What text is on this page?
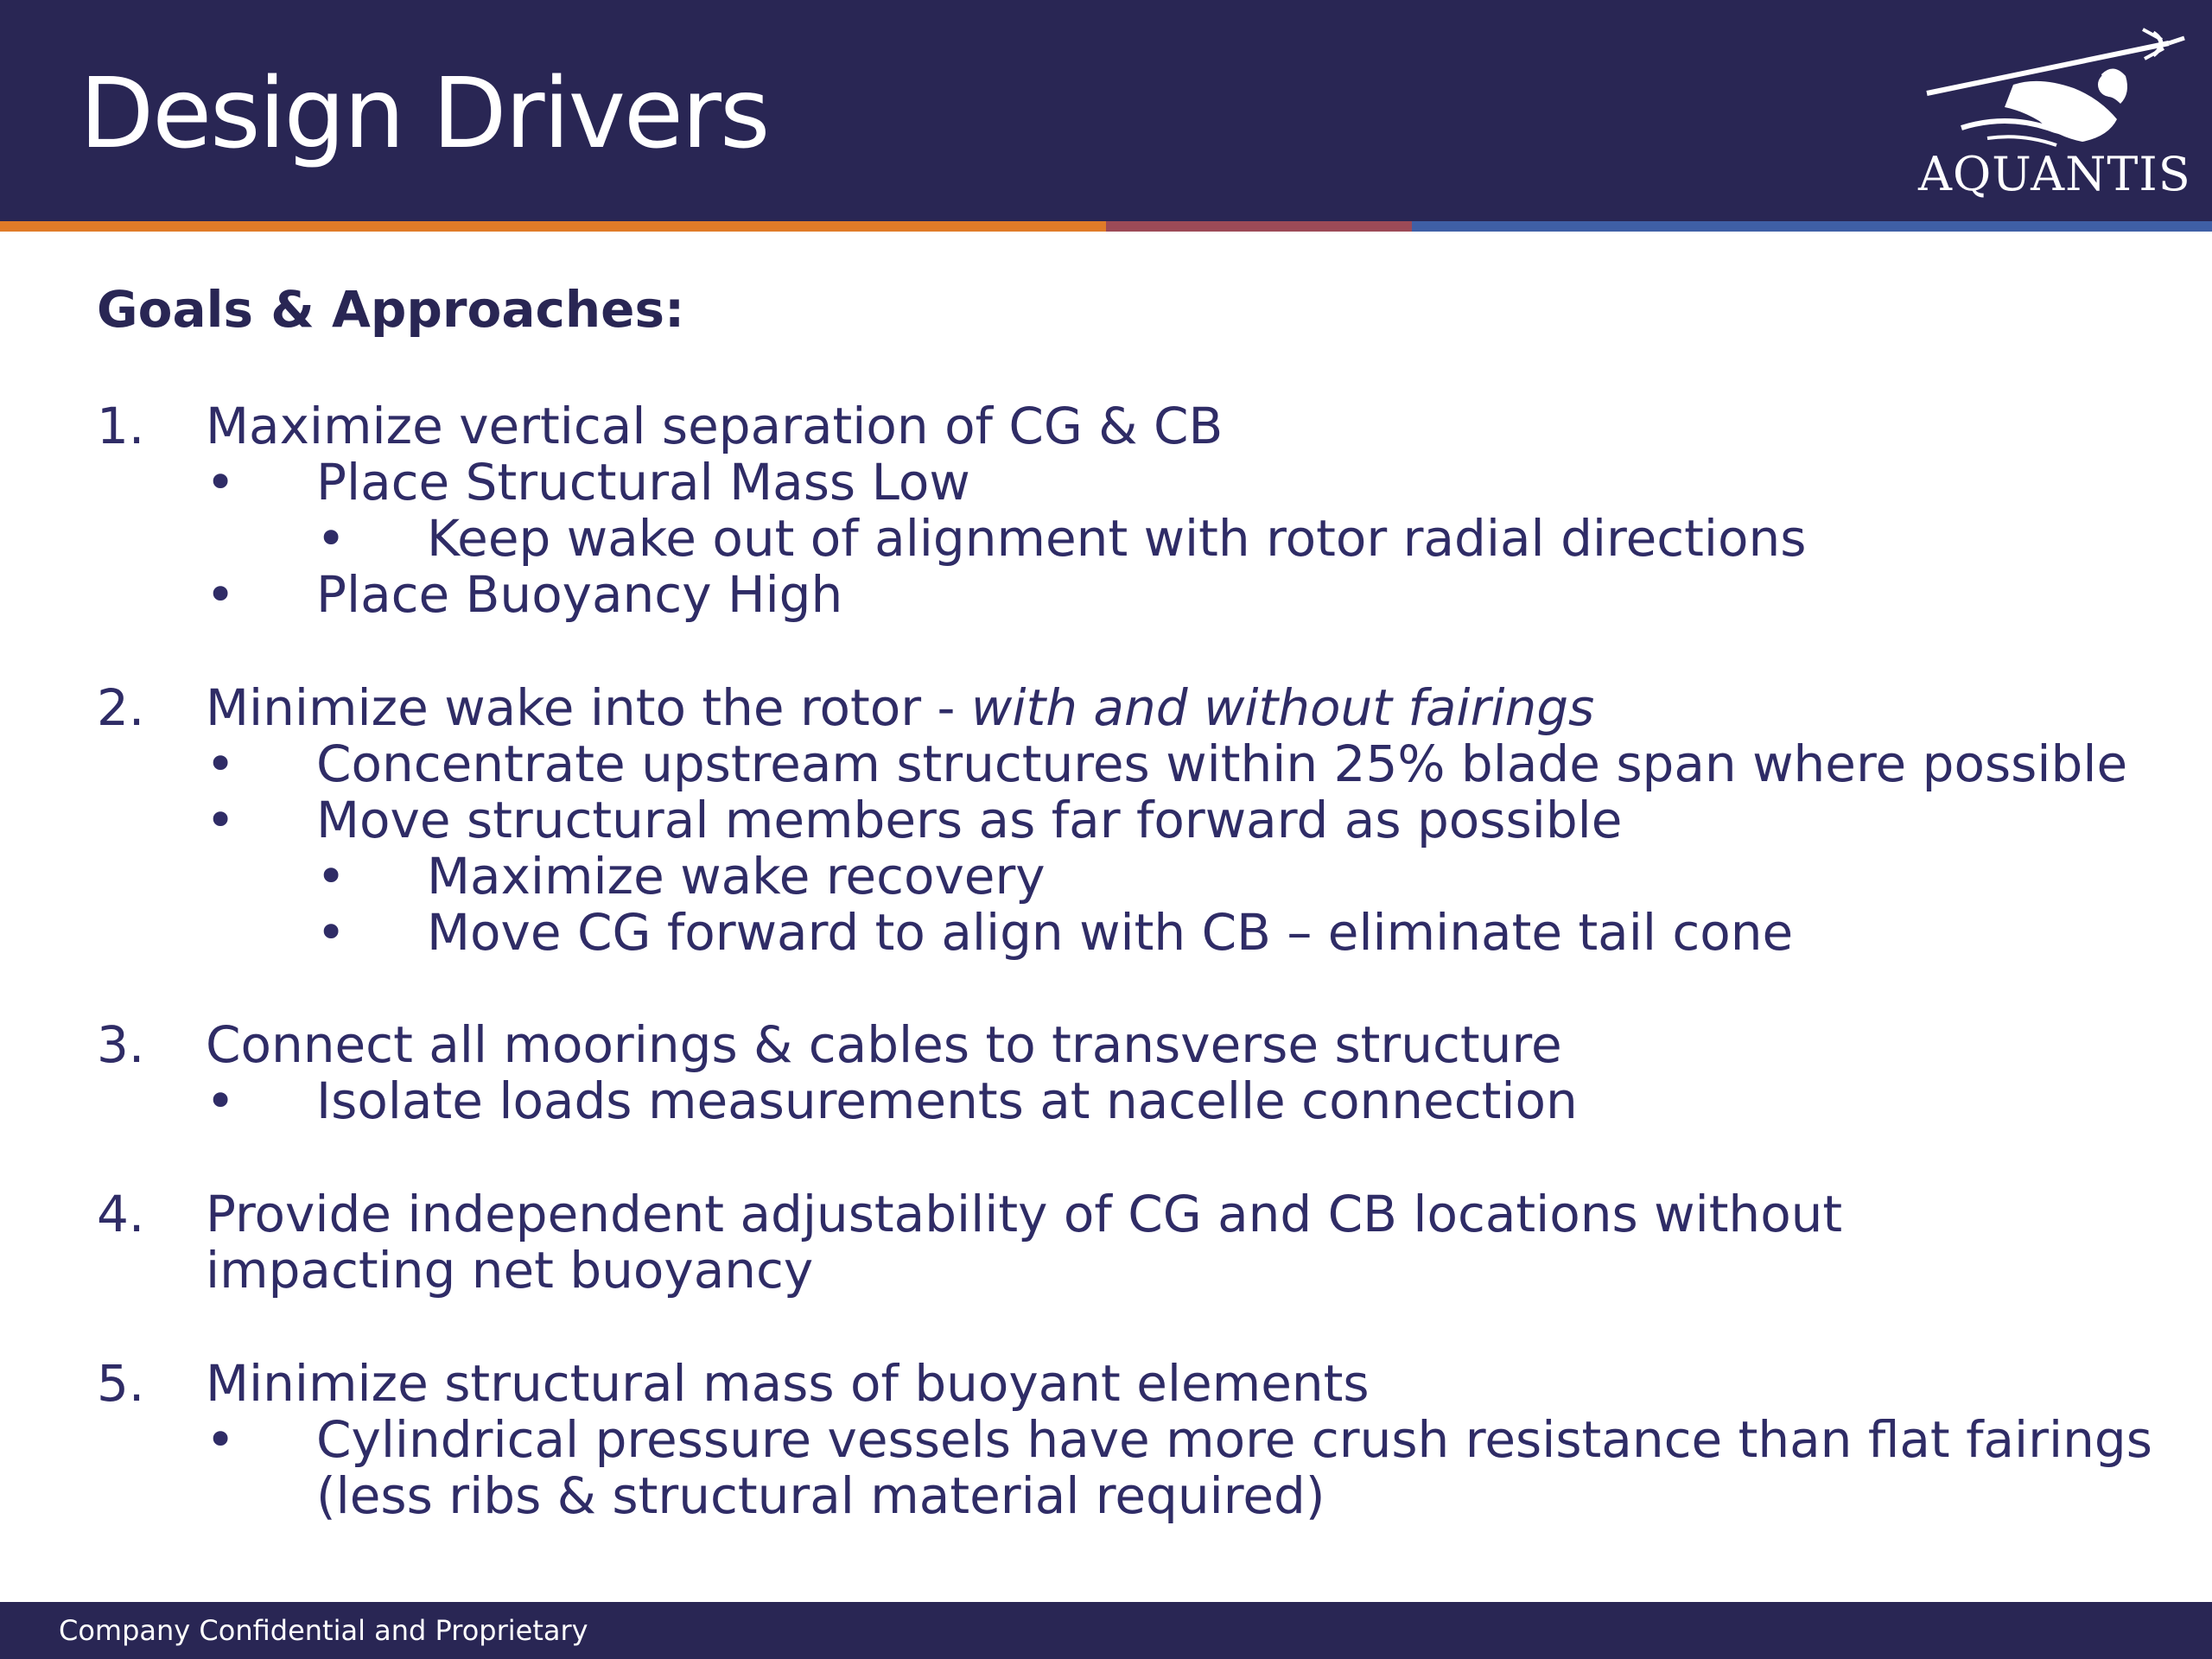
Design Drivers
AQUANTIS
Goals & Approaches:
1. Maximize vertical separation of CG & CB
• Place Structural Mass Low
• Keep wake out of alignment with rotor radial directions
• Place Buoyancy High
2. Minimize wake into the rotor - with and without fairings
• Concentrate upstream structures within 25% blade span where possible
• Move structural members as far forward as possible
• Maximize wake recovery
• Move CG forward to align with CB – eliminate tail cone
3. Connect all moorings & cables to transverse structure
• Isolate loads measurements at nacelle connection
4. Provide independent adjustability of CG and CB locations without
impacting net buoyancy
5. Minimize structural mass of buoyant elements
• Cylindrical pressure vessels have more crush resistance than flat fairings
(less ribs & structural material required)
Company Confidential and Proprietary
